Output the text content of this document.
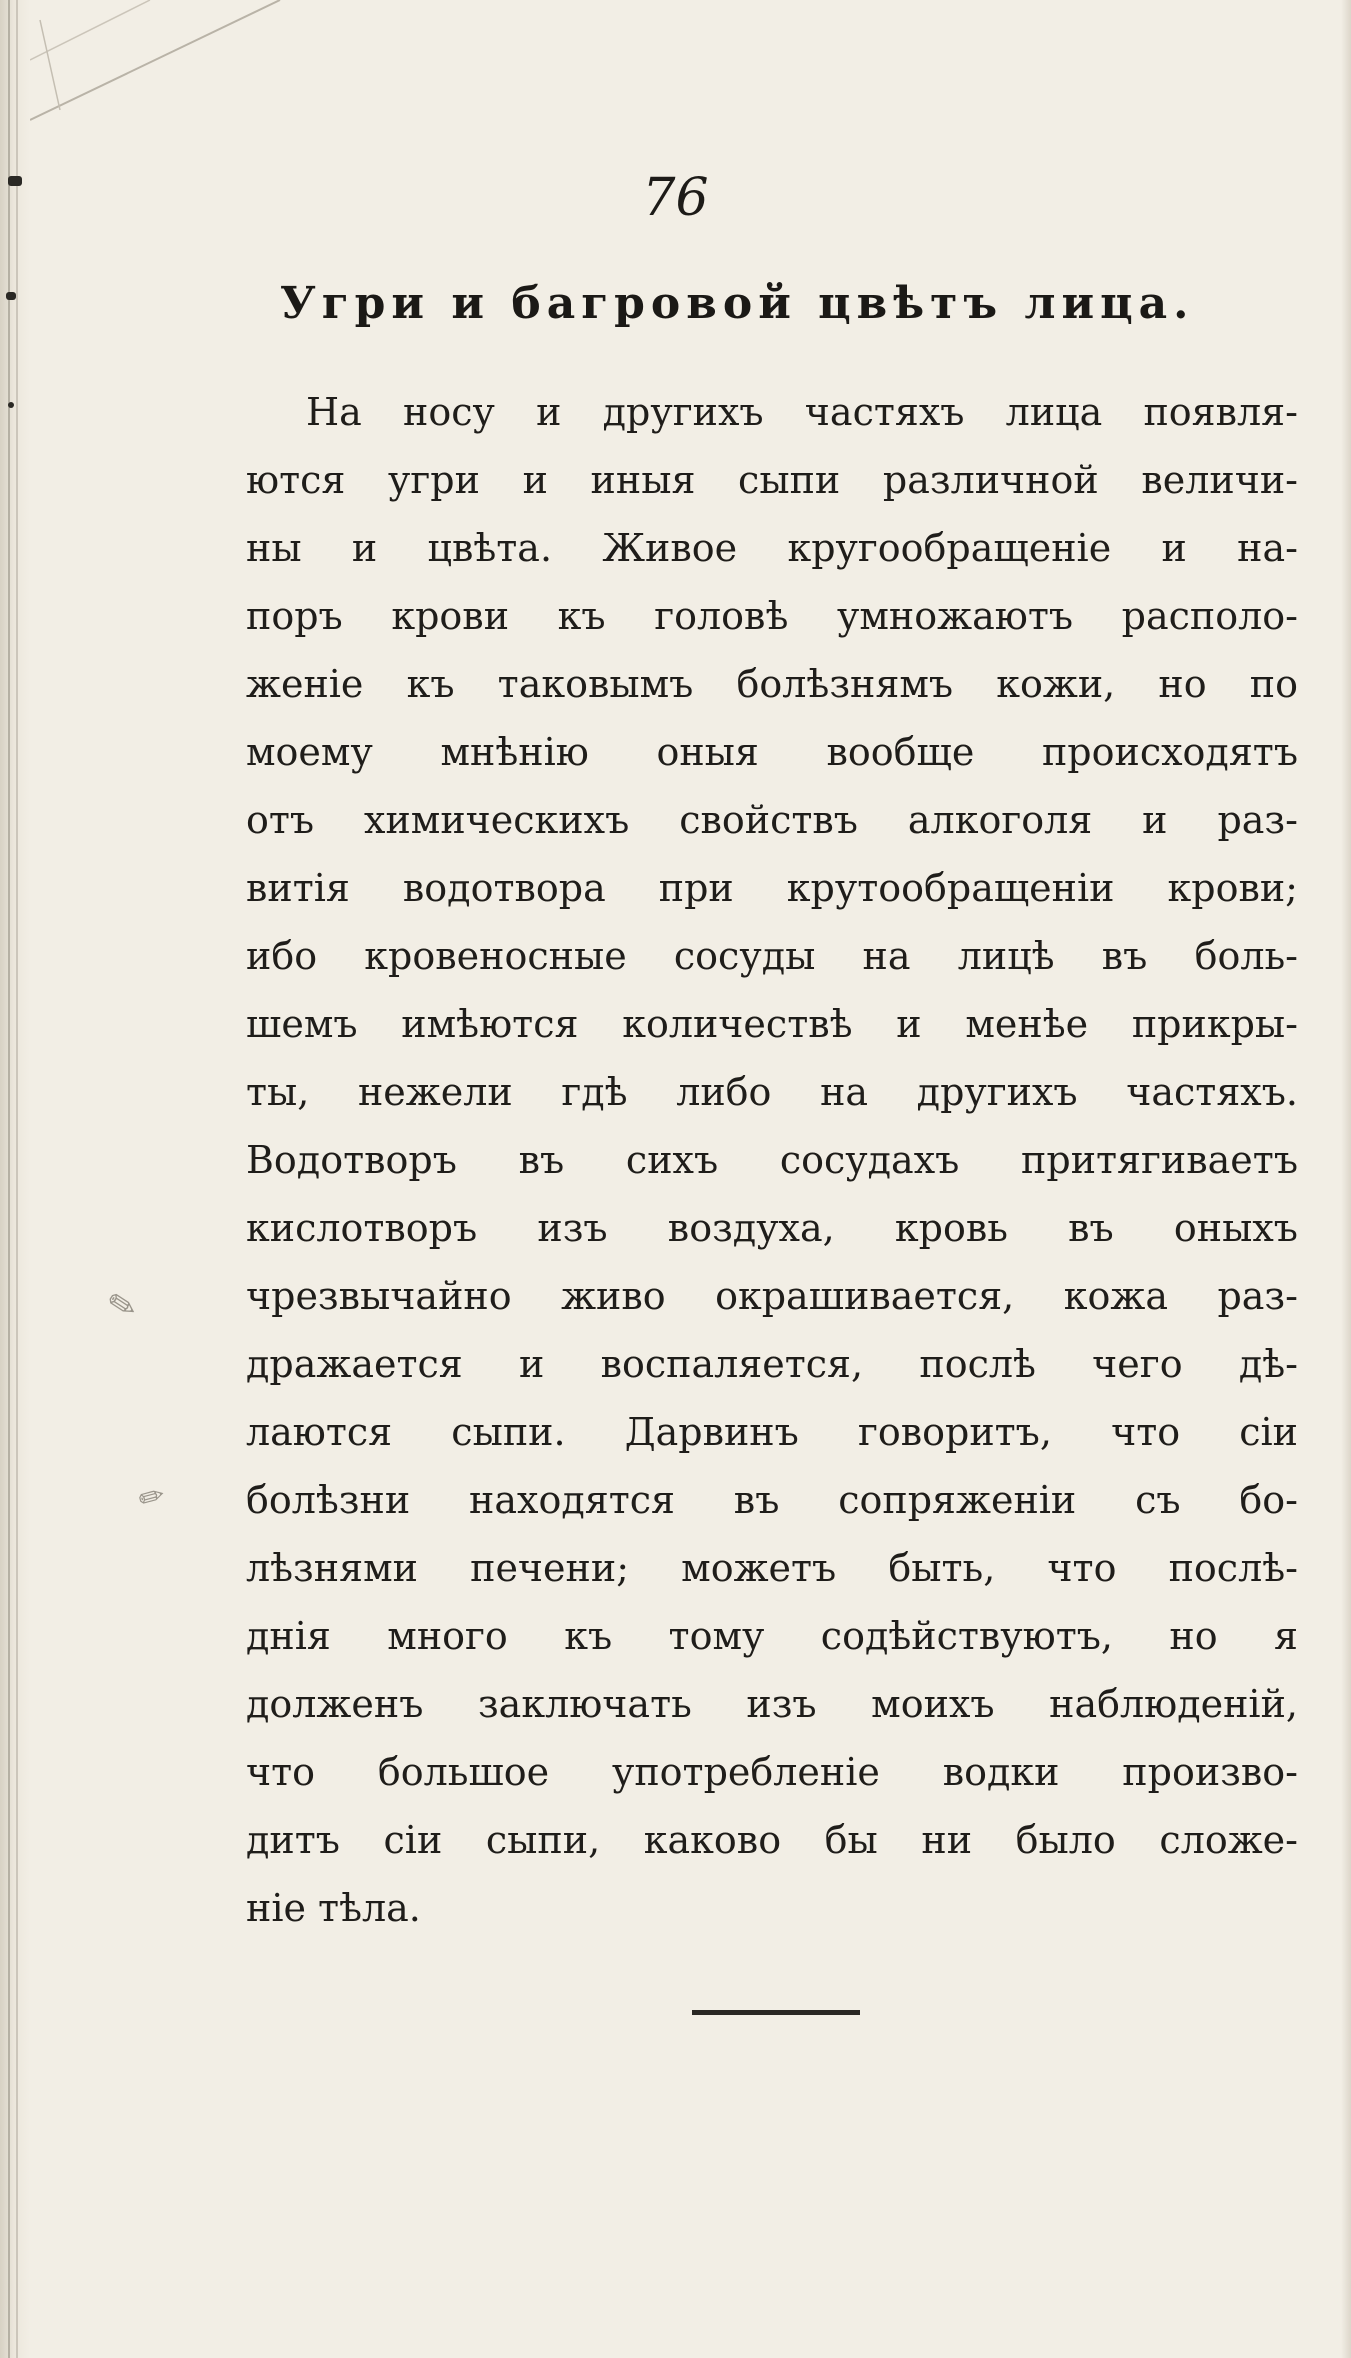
✎
✎
76
Угри и багровой цвѣтъ лица.
На носу и другихъ частяхъ лица появля-
ются угри и иныя сыпи различной величи-
ны и цвѣта. Живое кругообращеніе и на-
поръ крови къ головѣ умножаютъ располо-
женіе къ таковымъ болѣзнямъ кожи, но по
моему мнѣнію оныя вообще происходятъ
отъ химическихъ свойствъ алкоголя и раз-
витія водотвора при крутообращеніи крови;
ибо кровеносные сосуды на лицѣ въ боль-
шемъ имѣются количествѣ и менѣе прикры-
ты, нежели гдѣ либо на другихъ частяхъ.
Водотворъ въ сихъ сосудахъ притягиваетъ
кислотворъ изъ воздуха, кровь въ оныхъ
чрезвычайно живо окрашивается, кожа раз-
дражается и воспаляется, послѣ чего дѣ-
лаются сыпи. Дарвинъ говоритъ, что сіи
болѣзни находятся въ сопряженіи съ бо-
лѣзнями печени; можетъ быть, что послѣ-
днія много къ тому содѣйствуютъ, но я
долженъ заключать изъ моихъ наблюденій,
что большое употребленіе водки произво-
дитъ сіи сыпи, каково бы ни было сложе-
ніе тѣла.
